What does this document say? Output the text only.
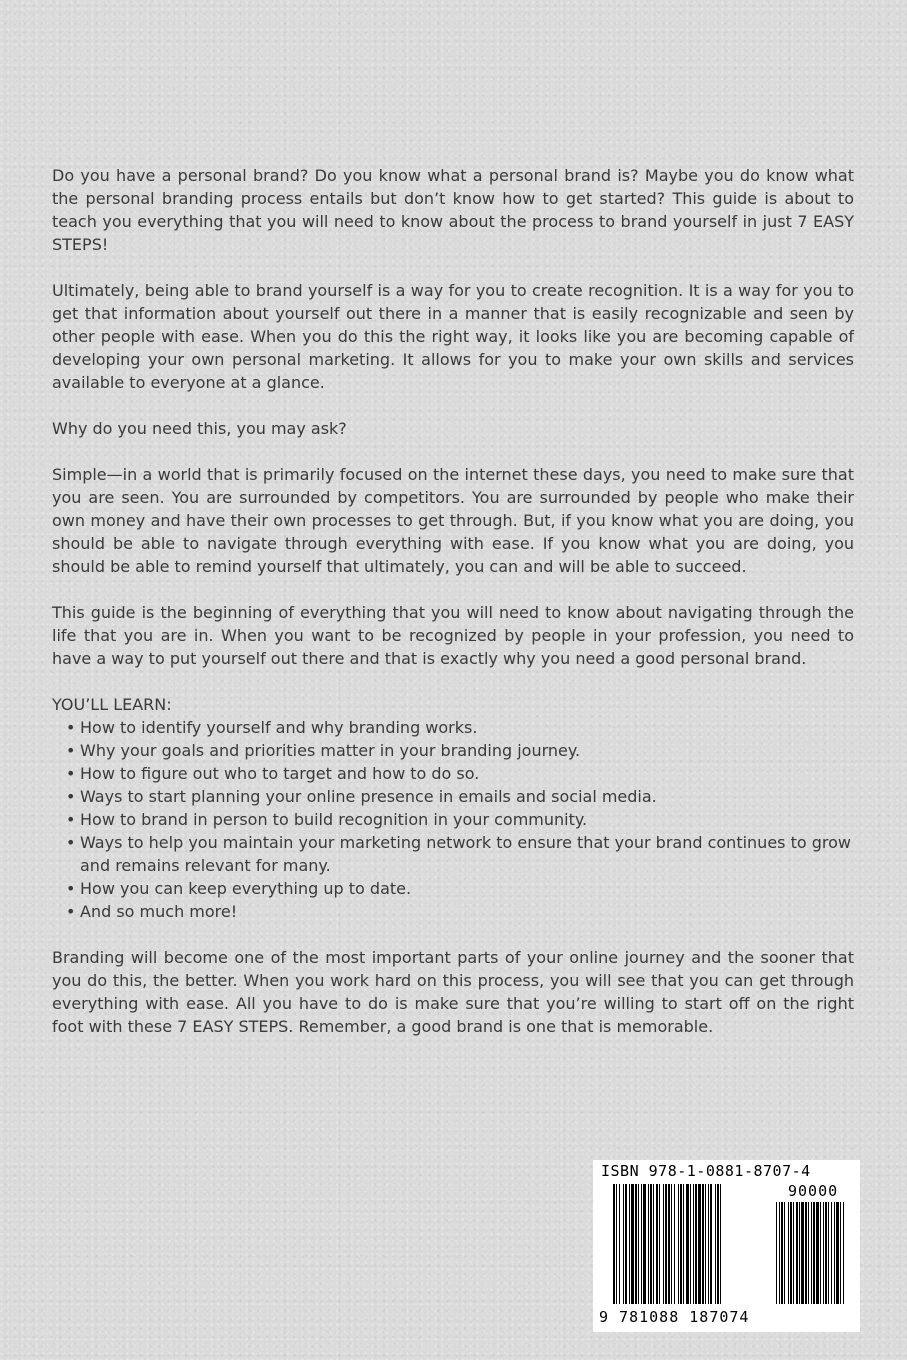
Do you have a personal brand? Do you know what a personal brand is? Maybe you do know what the personal branding process entails but don’t know how to get started? This guide is about to teach you everything that you will need to know about the process to brand yourself in just 7 EASY STEPS!

Ultimately, being able to brand yourself is a way for you to create recognition. It is a way for you to get that information about yourself out there in a manner that is easily recognizable and seen by other people with ease. When you do this the right way, it looks like you are becoming capable of developing your own personal marketing. It allows for you to make your own skills and services available to everyone at a glance.

Why do you need this, you may ask?

Simple—in a world that is primarily focused on the internet these days, you need to make sure that you are seen. You are surrounded by competitors. You are surrounded by people who make their own money and have their own processes to get through. But, if you know what you are doing, you should be able to navigate through everything with ease. If you know what you are doing, you should be able to remind yourself that ultimately, you can and will be able to succeed.

This guide is the beginning of everything that you will need to know about navigating through the life that you are in. When you want to be recognized by people in your profession, you need to have a way to put yourself out there and that is exactly why you need a good personal brand.

YOU’LL LEARN:
• How to identify yourself and why branding works.
• Why your goals and priorities matter in your branding journey.
• How to figure out who to target and how to do so.
• Ways to start planning your online presence in emails and social media.
• How to brand in person to build recognition in your community.
• Ways to help you maintain your marketing network to ensure that your brand continues to grow and remains relevant for many.
• How you can keep everything up to date.
• And so much more!

Branding will become one of the most important parts of your online journey and the sooner that you do this, the better. When you work hard on this process, you will see that you can get through everything with ease. All you have to do is make sure that you’re willing to start off on the right foot with these 7 EASY STEPS. Remember, a good brand is one that is memorable.

ISBN 978-1-0881-8707-4
90000
9 781088 187074
